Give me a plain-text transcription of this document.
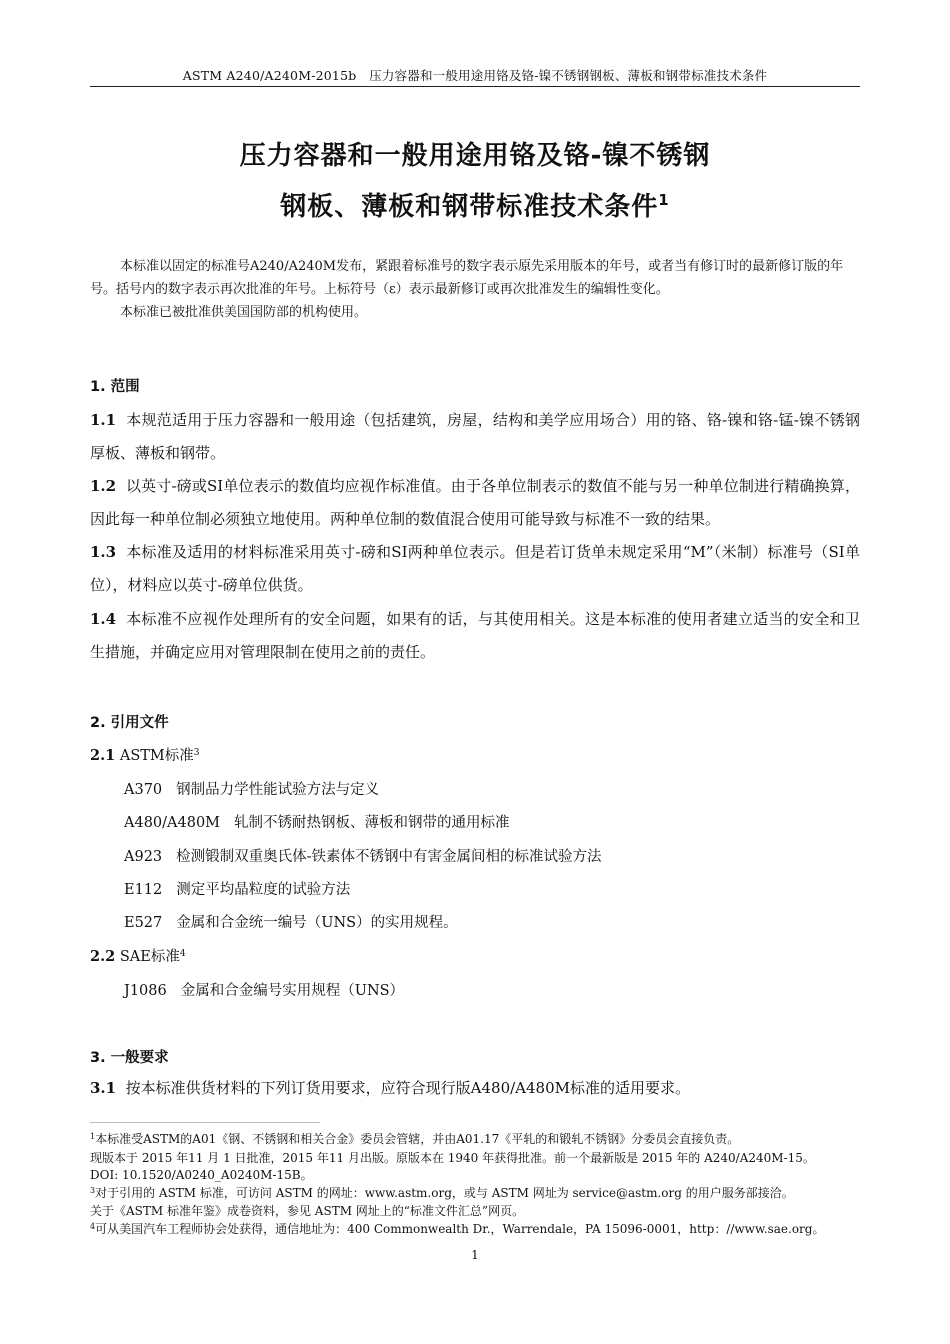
ASTM A240/A240M-2015b　压力容器和一般用途用铬及铬-镍不锈钢钢板、薄板和钢带标准技术条件
压力容器和一般用途用铬及铬-镍不锈钢
钢板、薄板和钢带标准技术条件$^1$

本标准以固定的标准号A240/A240M发布，紧跟着标准号的数字表示原先采用版本的年号，或者当有修订时的最新修订版的年号。括号内的数字表示再次批准的年号。上标符号（ε）表示最新修订或再次批准发生的编辑性变化。

本标准已被批准供美国国防部的机构使用。

1. 范围
1.1 本规范适用于压力容器和一般用途（包括建筑，房屋，结构和美学应用场合）用的铬、铬-镍和铬-锰-镍不锈钢厚板、薄板和钢带。
1.2 以英寸-磅或SI单位表示的数值均应视作标准值。由于各单位制表示的数值不能与另一种单位制进行精确换算，因此每一种单位制必须独立地使用。两种单位制的数值混合使用可能导致与标准不一致的结果。
1.3 本标准及适用的材料标准采用英寸-磅和SI两种单位表示。但是若订货单未规定采用“M”（米制）标准号（SI单位），材料应以英寸-磅单位供货。
1.4 本标准不应视作处理所有的安全问题，如果有的话，与其使用相关。这是本标准的使用者建立适当的安全和卫生措施，并确定应用对管理限制在使用之前的责任。
2. 引用文件
2.1 ASTM标准$^3$
A370 钢制品力学性能试验方法与定义
A480/A480M 轧制不锈耐热钢板、薄板和钢带的通用标准
A923 检测锻制双重奥氏体-铁素体不锈钢中有害金属间相的标准试验方法
E112 测定平均晶粒度的试验方法
E527 金属和合金统一编号（UNS）的实用规程。
2.2 SAE标准$^4$
J1086 金属和合金编号实用规程（UNS）
3. 一般要求
3.1 按本标准供货材料的下列订货用要求，应符合现行版A480/A480M标准的适用要求。
$^1$本标准受ASTM的A01《钢、不锈钢和相关合金》委员会管辖，并由A01.17《平轧的和锻轧不锈钢》分委员会直接负责。
现版本于 2015 年11 月 1 日批准，2015 年11 月出版。原版本在 1940 年获得批准。前一个最新版是 2015 年的 A240/A240M-15。
DOI: 10.1520/A0240_A0240M-15B。
$^3$对于引用的 ASTM 标准，可访问 ASTM 的网址：www.astm.org，或与 ASTM 网址为 service@astm.org 的用户服务部接洽。
关于《ASTM 标准年鉴》成卷资料，参见 ASTM 网址上的“标准文件汇总”网页。
$^4$可从美国汽车工程师协会处获得，通信地址为：400 Commonwealth Dr.，Warrendale，PA 15096-0001，http：//www.sae.org。
1
